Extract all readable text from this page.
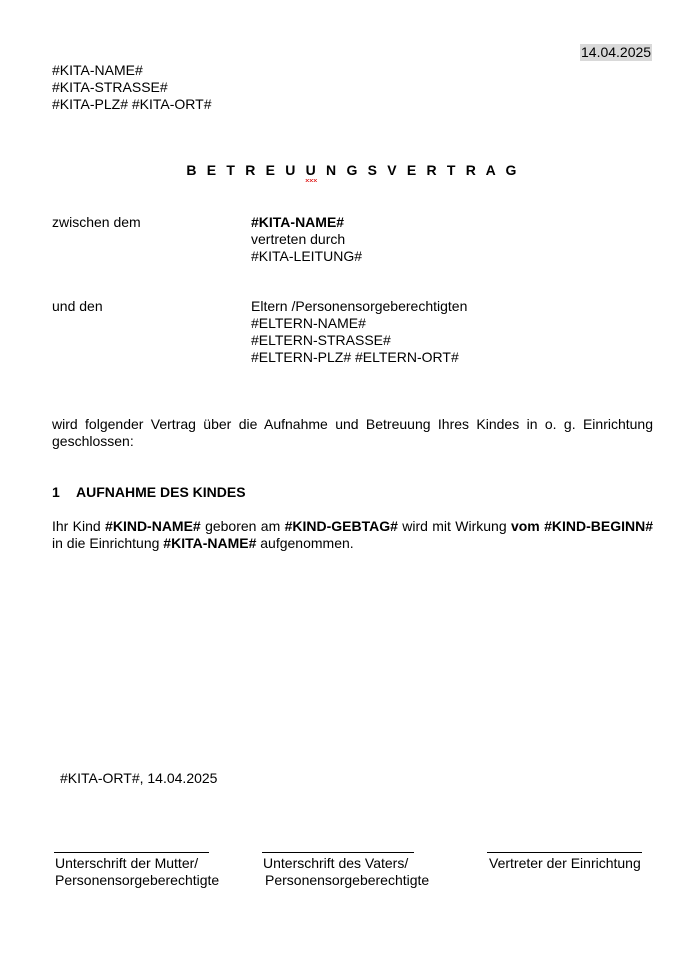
14.04.2025
#KITA-NAME#
#KITA-STRASSE#
#KITA-PLZ# #KITA-ORT#
B E T R E U U N G S V E R T R A G
zwischen dem	#KITA-NAME#
vertreten durch
#KITA-LEITUNG#
und den	Eltern /Personensorgeberechtigten
#ELTERN-NAME#
#ELTERN-STRASSE#
#ELTERN-PLZ# #ELTERN-ORT#
wird folgender Vertrag über die Aufnahme und Betreuung Ihres Kindes in o. g. Einrichtung geschlossen:
1 AUFNAHME DES KINDES
Ihr Kind #KIND-NAME# geboren am #KIND-GEBTAG# wird mit Wirkung vom #KIND-BEGINN# in die Einrichtung #KITA-NAME# aufgenommen.
#KITA-ORT#, 14.04.2025
Unterschrift der Mutter/
Personensorgeberechtigte
Unterschrift des Vaters/
Personensorgeberechtigte
Vertreter der Einrichtung
